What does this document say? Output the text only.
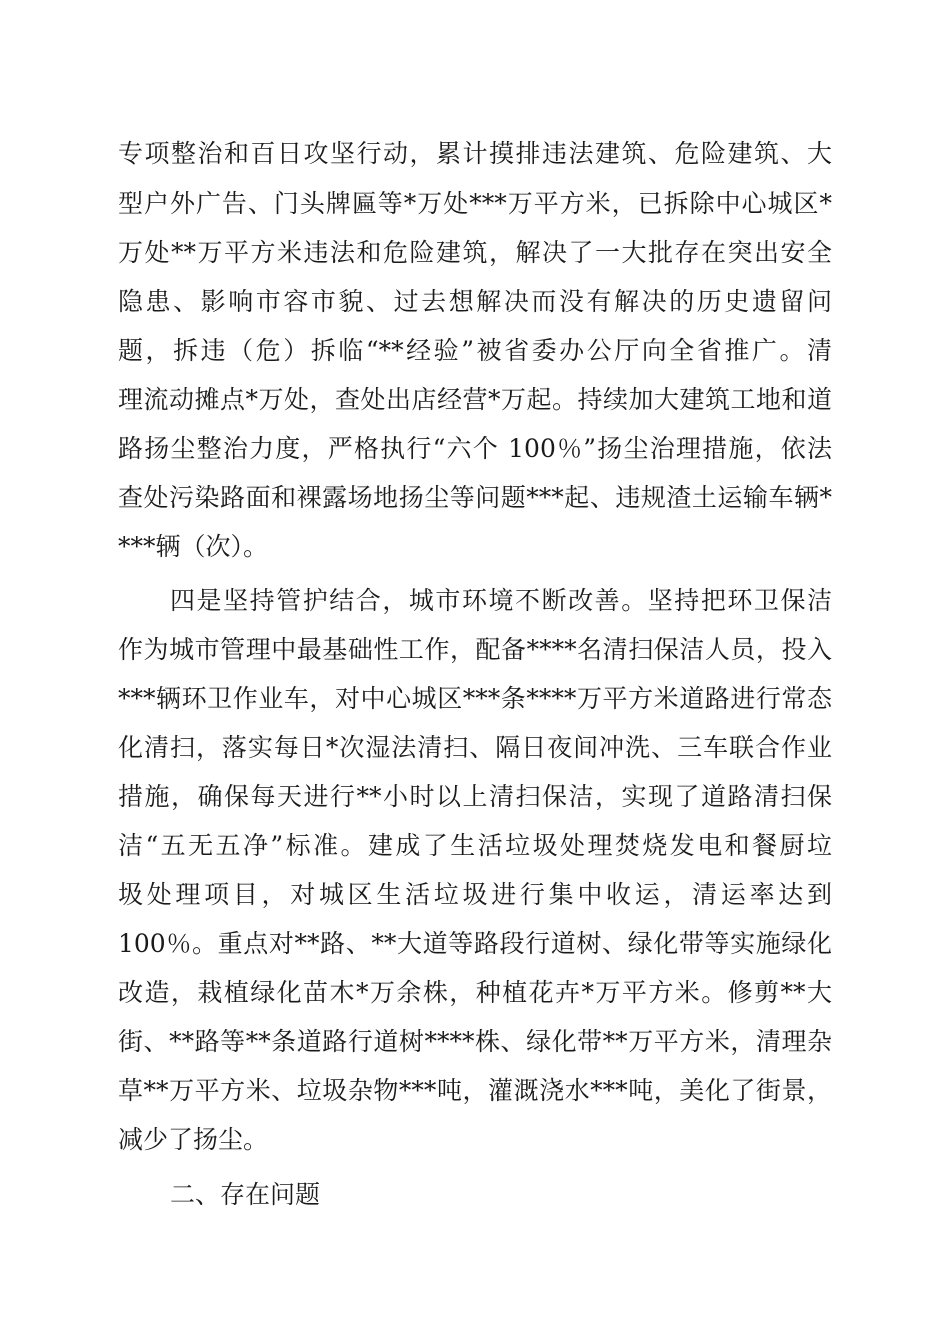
专项整治和百日攻坚行动，累计摸排违法建筑、危险建筑、大
型户外广告、门头牌匾等*万处***万平方米，已拆除中心城区*
万处**万平方米违法和危险建筑，解决了一大批存在突出安全
隐患、影响市容市貌、过去想解决而没有解决的历史遗留问
题，拆违（危）拆临“**经验”被省委办公厅向全省推广。清
理流动摊点*万处，查处出店经营*万起。持续加大建筑工地和道
路扬尘整治力度，严格执行“六个 100％”扬尘治理措施，依法
查处污染路面和裸露场地扬尘等问题***起、违规渣土运输车辆*
***辆（次）。
四是坚持管护结合，城市环境不断改善。坚持把环卫保洁
作为城市管理中最基础性工作，配备****名清扫保洁人员，投入
***辆环卫作业车，对中心城区***条****万平方米道路进行常态
化清扫，落实每日*次湿法清扫、隔日夜间冲洗、三车联合作业
措施，确保每天进行**小时以上清扫保洁，实现了道路清扫保
洁“五无五净”标准。建成了生活垃圾处理焚烧发电和餐厨垃
圾处理项目，对城区生活垃圾进行集中收运，清运率达到
100％。重点对**路、**大道等路段行道树、绿化带等实施绿化
改造，栽植绿化苗木*万余株，种植花卉*万平方米。修剪**大
街、**路等**条道路行道树****株、绿化带**万平方米，清理杂
草**万平方米、垃圾杂物***吨，灌溉浇水***吨，美化了街景，
减少了扬尘。
二、存在问题
